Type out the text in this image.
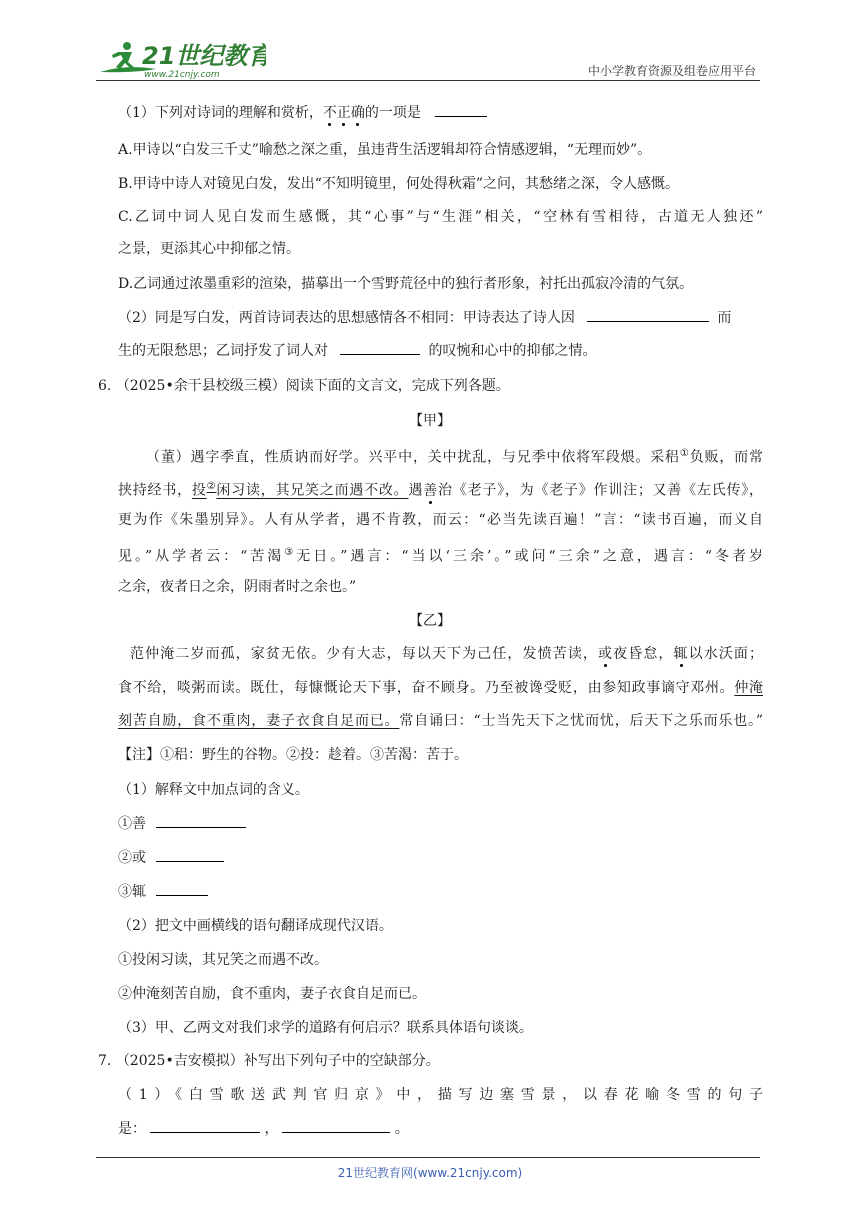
21世纪教育
www.21cnjy.com	中小学教育资源及组卷应用平台
（1）下列对诗词的理解和赏析，不正确的一项是
A.甲诗以“白发三千丈”喻愁之深之重，虽违背生活逻辑却符合情感逻辑，“无理而妙”。
B.甲诗中诗人对镜见白发，发出“不知明镜里，何处得秋霜”之问，其愁绪之深，令人感慨。
C.乙词中词人见白发而生感慨，其“心事”与“生涯”相关，“空林有雪相待，古道无人独还”
之景，更添其心中抑郁之情。
D.乙词通过浓墨重彩的渲染，描摹出一个雪野荒径中的独行者形象，衬托出孤寂冷清的气氛。
（2）同是写白发，两首诗词表达的思想感情各不相同：甲诗表达了诗人因	而
生的无限愁思；乙词抒发了词人对	的叹惋和心中的抑郁之情。
6. （2025•余干县校级三模）阅读下面的文言文，完成下列各题。
【甲】
（董）遇字季直，性质讷而好学。兴平中，关中扰乱，与兄季中依将军段煨。采稆①负贩，而常
挟持经书，投②闲习读，其兄笑之而遇不改。遇善治《老子》，为《老子》作训注；又善《左氏传》，
更为作《朱墨别异》。人有从学者，遇不肯教，而云：“必当先读百遍！”言：“读书百遍，而义自
见。”从学者云：“苦渴③无日。”遇言：“当以‘三余’。”或问“三余”之意，遇言：“冬者岁
之余，夜者日之余，阴雨者时之余也。”
【乙】
范仲淹二岁而孤，家贫无依。少有大志，每以天下为己任，发愤苦读，或夜昏怠，辄以水沃面；
食不给，啖粥而读。既仕，每慷慨论天下事，奋不顾身。乃至被谗受贬，由参知政事谪守邓州。仲淹
刻苦自励，食不重肉，妻子衣食自足而已。常自诵曰：“士当先天下之忧而忧，后天下之乐而乐也。”
【注】①稆：野生的谷物。②投：趁着。③苦渴：苦于。
（1）解释文中加点词的含义。
①善
②或
③辄
（2）把文中画横线的语句翻译成现代汉语。
①投闲习读，其兄笑之而遇不改。
②仲淹刻苦自励，食不重肉，妻子衣食自足而已。
（3）甲、乙两文对我们求学的道路有何启示？联系具体语句谈谈。
7. （2025•吉安模拟）补写出下列句子中的空缺部分。
（1）《白雪歌送武判官归京》中，描写边塞雪景，以春花喻冬雪的句子
是：	，	。
21世纪教育网(www.21cnjy.com)
